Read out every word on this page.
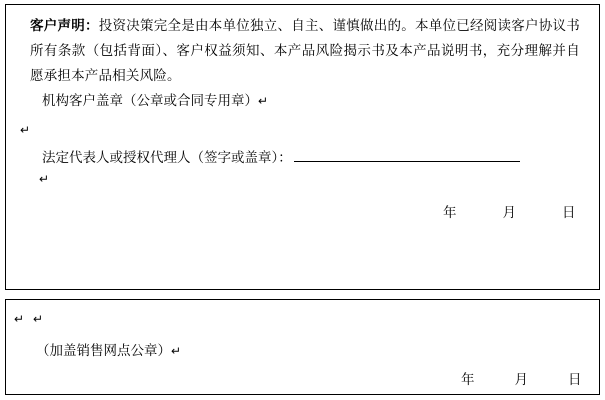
客户声明：投资决策完全是由本单位独立、自主、谨慎做出的。本单位已经阅读客户协议书所有条款（包括背面）、客户权益须知、本产品风险揭示书及本产品说明书，充分理解并自愿承担本产品相关风险。
机构客户盖章（公章或合同专用章）↵
↵
法定代表人或授权代理人（签字或盖章）：
↵
年	月	日
↵ ↵
（加盖销售网点公章）↵
年	月	日
